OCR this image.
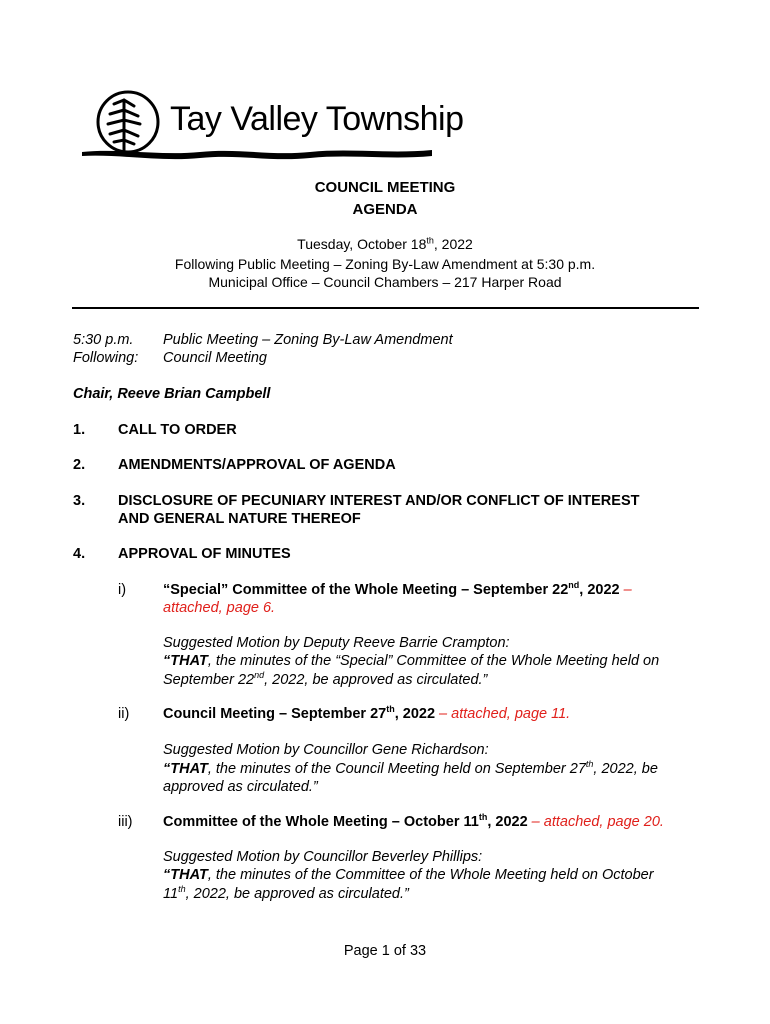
Tay Valley Township
COUNCIL MEETING
AGENDA
Tuesday, October 18th, 2022
Following Public Meeting – Zoning By-Law Amendment at 5:30 p.m.
Municipal Office – Council Chambers – 217 Harper Road
5:30 p.m. Public Meeting – Zoning By-Law Amendment
Following: Council Meeting
Chair, Reeve Brian Campbell
1. CALL TO ORDER
2. AMENDMENTS/APPROVAL OF AGENDA
3. DISCLOSURE OF PECUNIARY INTEREST AND/OR CONFLICT OF INTEREST
AND GENERAL NATURE THEREOF
4. APPROVAL OF MINUTES
i)	“Special” Committee of the Whole Meeting – September 22nd, 2022 –
attached, page 6.
Suggested Motion by Deputy Reeve Barrie Crampton:
“THAT, the minutes of the “Special” Committee of the Whole Meeting held on
September 22nd, 2022, be approved as circulated.”
ii) Council Meeting – September 27th, 2022 – attached, page 11.
Suggested Motion by Councillor Gene Richardson:
“THAT, the minutes of the Council Meeting held on September 27th, 2022, be
approved as circulated.”
iii) Committee of the Whole Meeting – October 11th, 2022 – attached, page 20.
Suggested Motion by Councillor Beverley Phillips:
“THAT, the minutes of the Committee of the Whole Meeting held on October
11th, 2022, be approved as circulated.”
Page 1 of 33
